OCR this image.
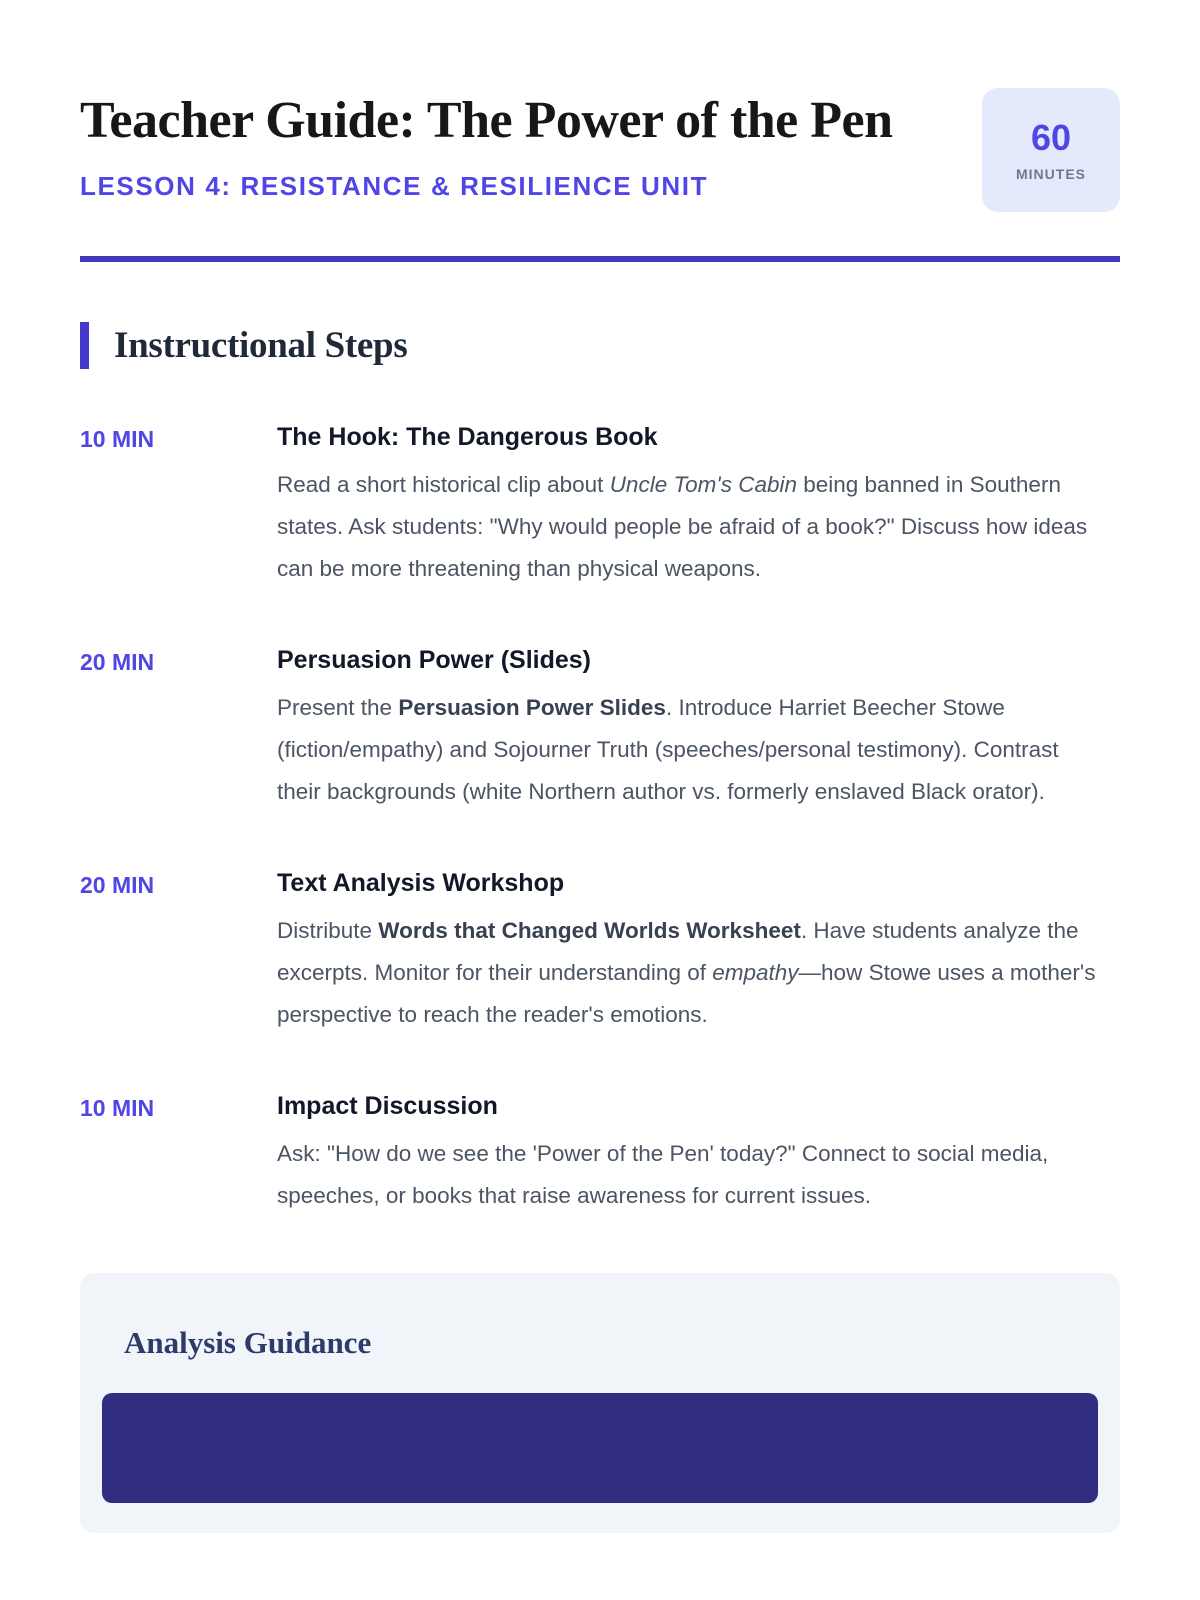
Teacher Guide: The Power of the Pen
LESSON 4: RESISTANCE & RESILIENCE UNIT
60
MINUTES
Instructional Steps
10 MIN	The Hook: The Dangerous Book

Read a short historical clip about Uncle Tom's Cabin being banned in Southern states. Ask students: "Why would people be afraid of a book?" Discuss how ideas can be more threatening than physical weapons.

20 MIN	Persuasion Power (Slides)

Present the Persuasion Power Slides. Introduce Harriet Beecher Stowe (fiction/empathy) and Sojourner Truth (speeches/personal testimony). Contrast their backgrounds (white Northern author vs. formerly enslaved Black orator).

20 MIN	Text Analysis Workshop

Distribute Words that Changed Worlds Worksheet. Have students analyze the excerpts. Monitor for their understanding of empathy—how Stowe uses a mother's perspective to reach the reader's emotions.

10 MIN	Impact Discussion

Ask: "How do we see the 'Power of the Pen' today?" Connect to social media, speeches, or books that raise awareness for current issues.

Analysis Guidance
